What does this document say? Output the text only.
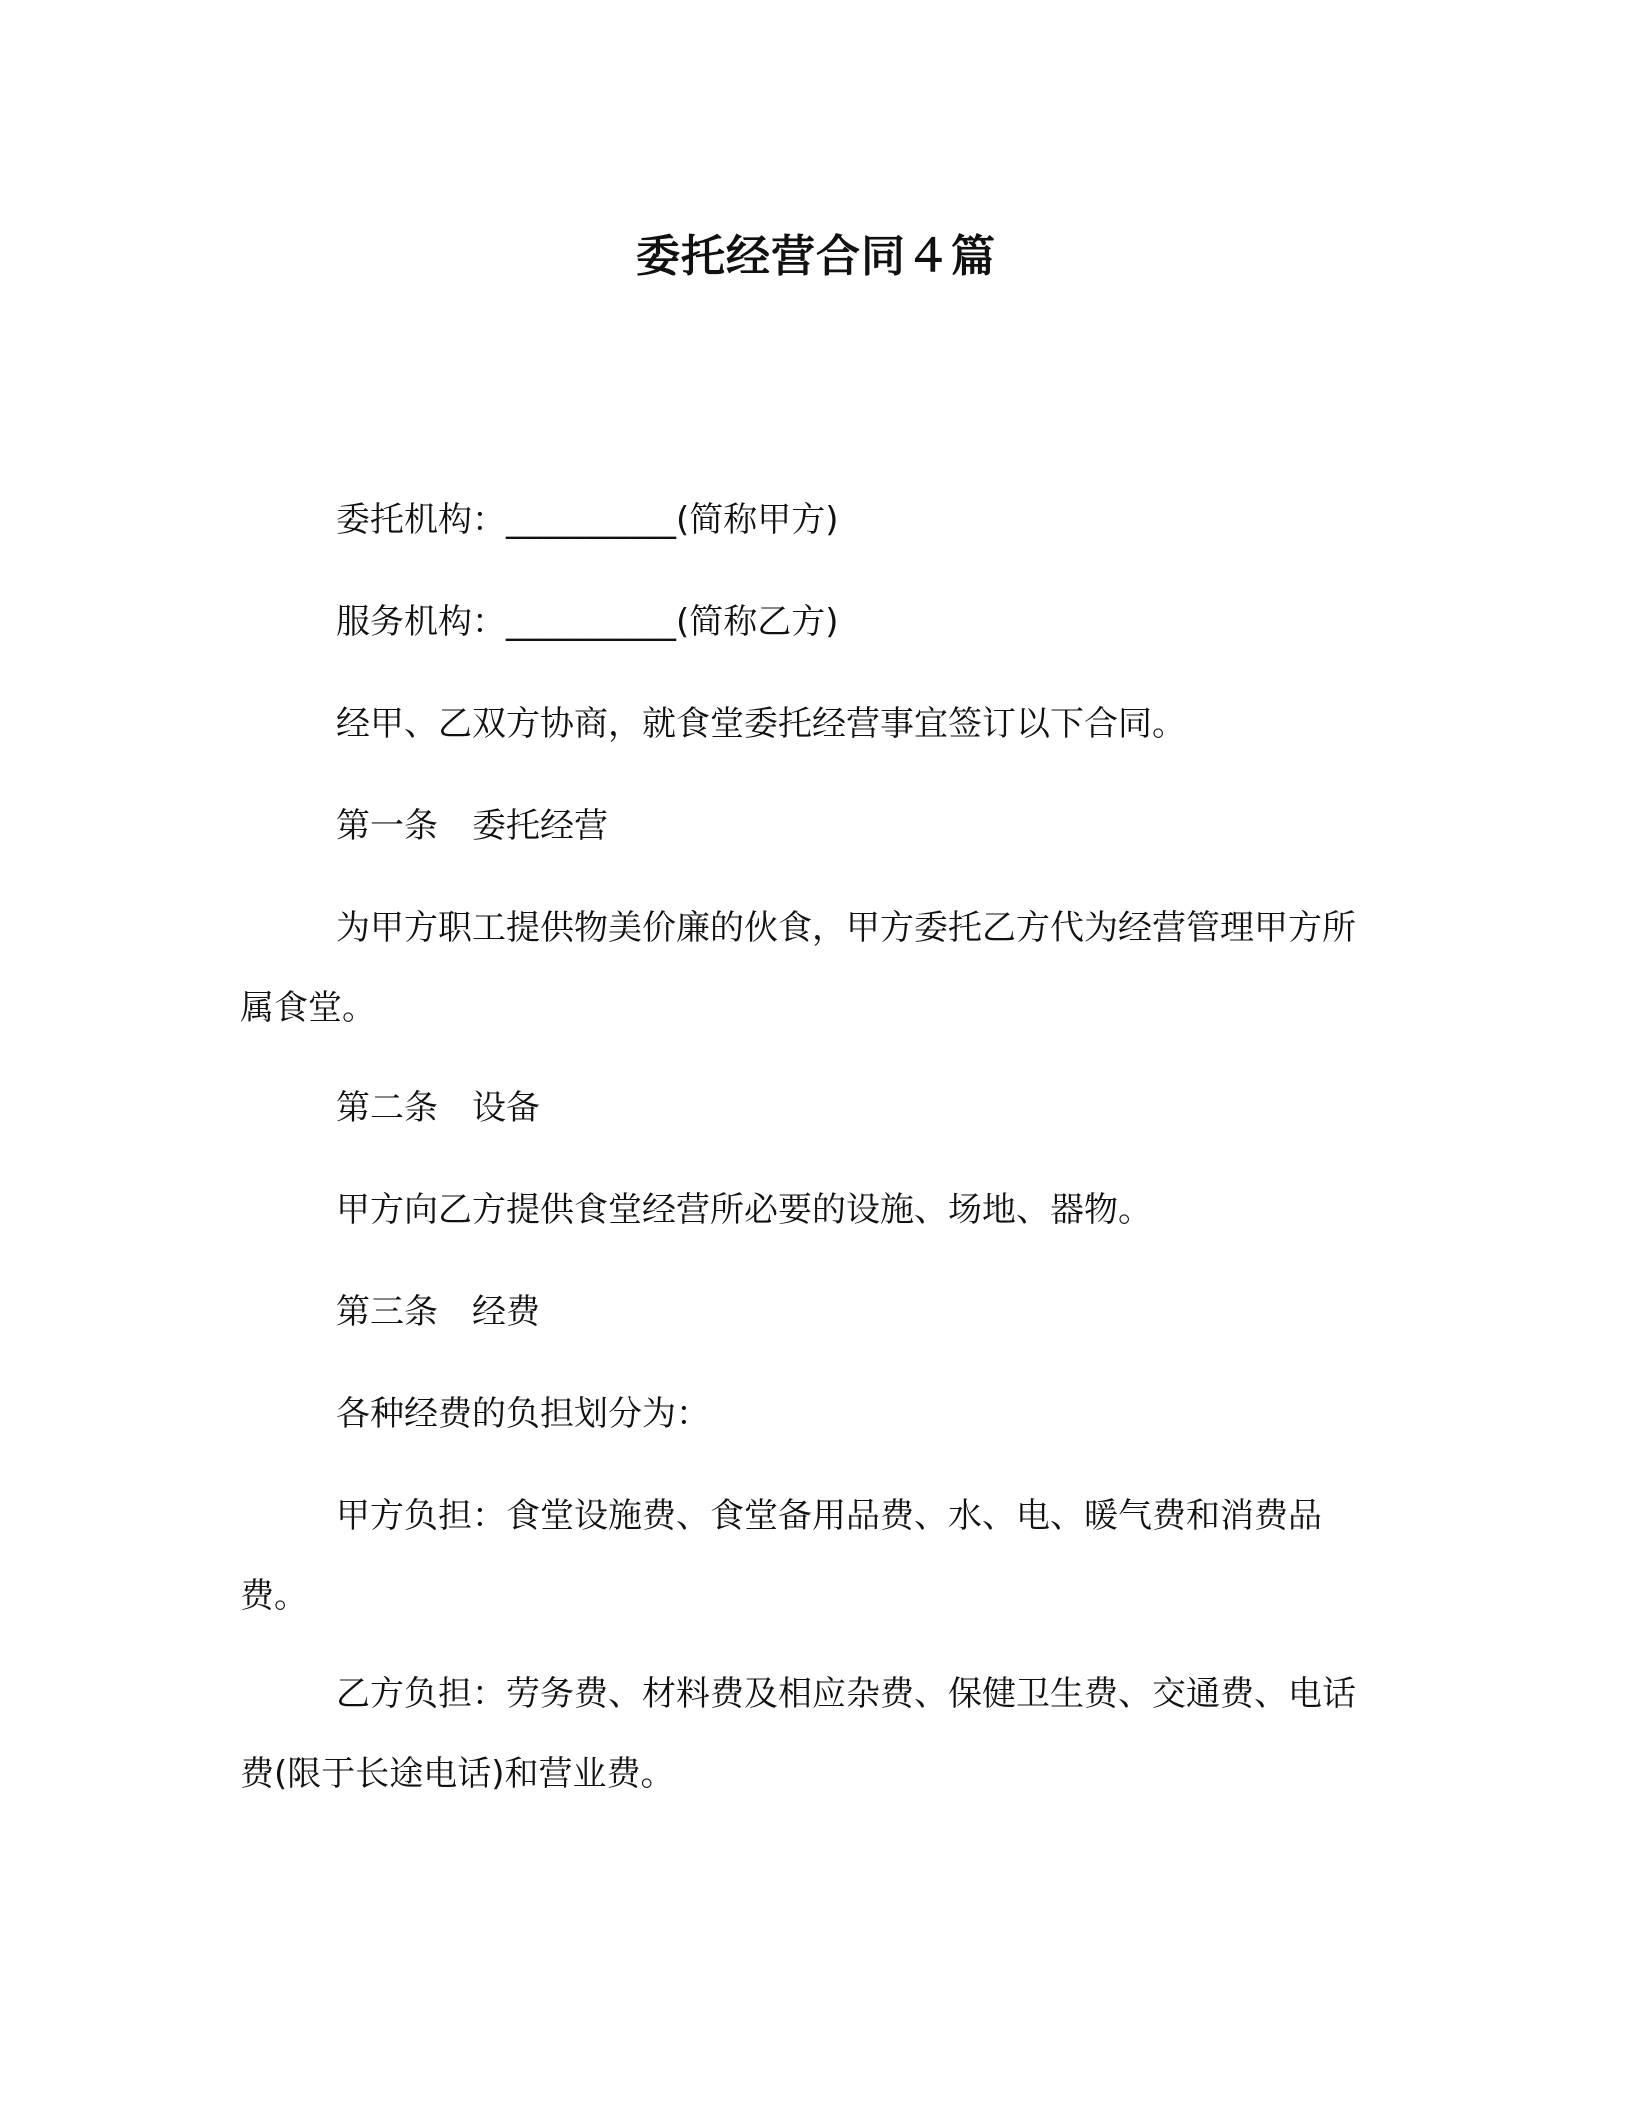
委托经营合同４篇
委托机构：__________(简称甲方)
服务机构：__________(简称乙方)
经甲、乙双方协商，就食堂委托经营事宜签订以下合同。
第一条　委托经营
为甲方职工提供物美价廉的伙食，甲方委托乙方代为经营管理甲方所属食堂。
第二条　设备
甲方向乙方提供食堂经营所必要的设施、场地、器物。
第三条　经费
各种经费的负担划分为：
甲方负担：食堂设施费、食堂备用品费、水、电、暖气费和消费品费。
乙方负担：劳务费、材料费及相应杂费、保健卫生费、交通费、电话费(限于长途电话)和营业费。
